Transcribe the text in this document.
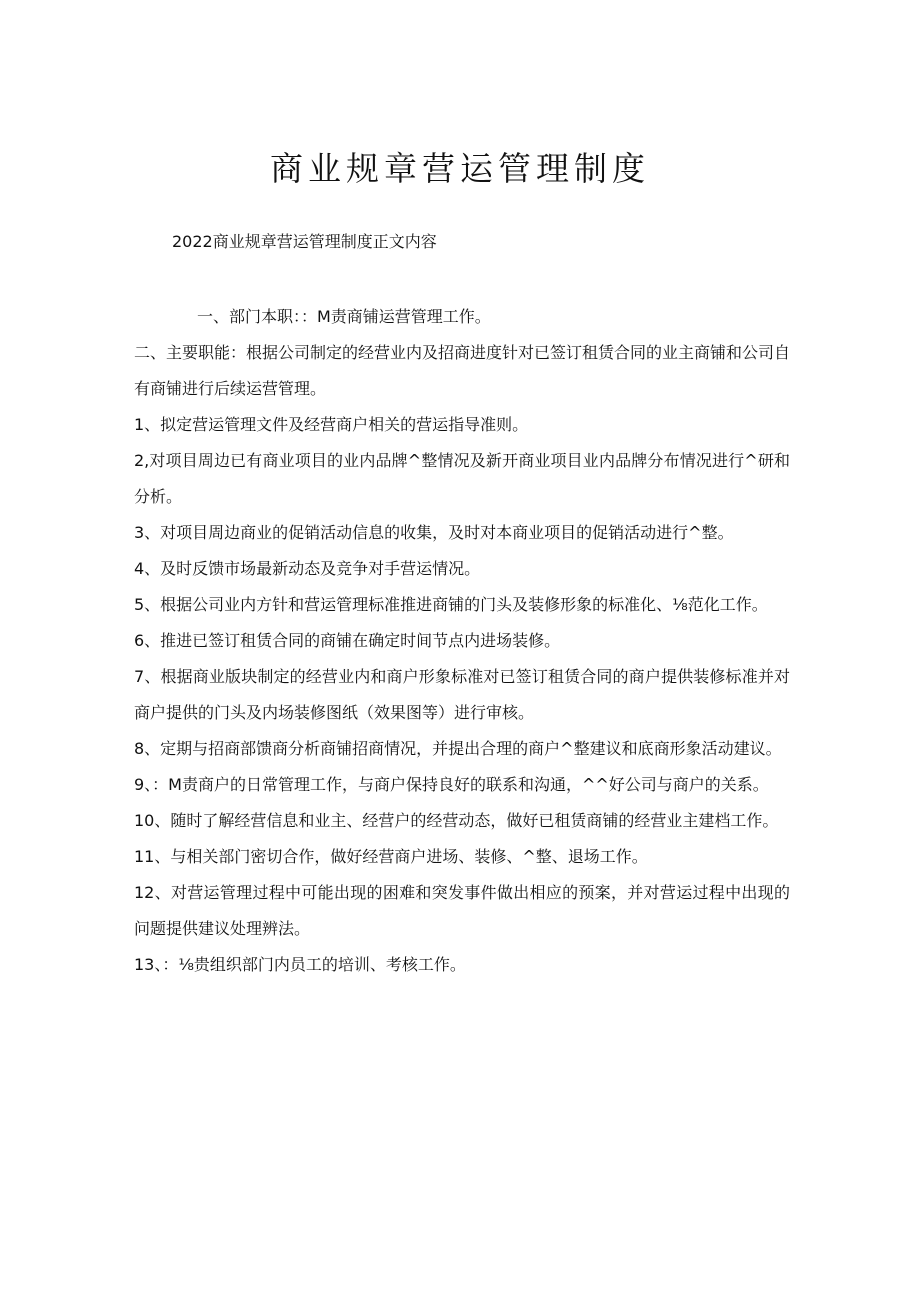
商业规章营运管理制度

2022商业规章营运管理制度正文内容

一、部门本职：：M责商铺运营管理工作。

二、主要职能：根据公司制定的经营业内及招商进度针对已签订租赁合同的业主商铺和公司自有商铺进行后续运营管理。

1、拟定营运管理文件及经营商户相关的营运指导准则。

2,对项目周边已有商业项目的业内品牌^整情况及新开商业项目业内品牌分布情况进行^研和分析。

3、对项目周边商业的促销活动信息的收集，及时对本商业项目的促销活动进行^整。

4、及时反馈市场最新动态及竞争对手营运情况。

5、根据公司业内方针和营运管理标准推进商铺的门头及装修形象的标准化、⅛范化工作。

6、推进已签订租赁合同的商铺在确定时间节点内进场装修。

7、根据商业版块制定的经营业内和商户形象标准对已签订租赁合同的商户提供装修标准并对商户提供的门头及内场装修图纸（效果图等）进行审核。

8、定期与招商部馈商分析商铺招商情况，并提出合理的商户^整建议和底商形象活动建议。

9、：M责商户的日常管理工作，与商户保持良好的联系和沟通，^^好公司与商户的关系。

10、随时了解经营信息和业主、经营户的经营动态，做好已租赁商铺的经营业主建档工作。

11、与相关部门密切合作，做好经营商户进场、装修、^整、退场工作。

12、对营运管理过程中可能出现的困难和突发事件做出相应的预案，并对营运过程中出现的问题提供建议处理辨法。

13、：⅛贵组织部门内员工的培训、考核工作。
